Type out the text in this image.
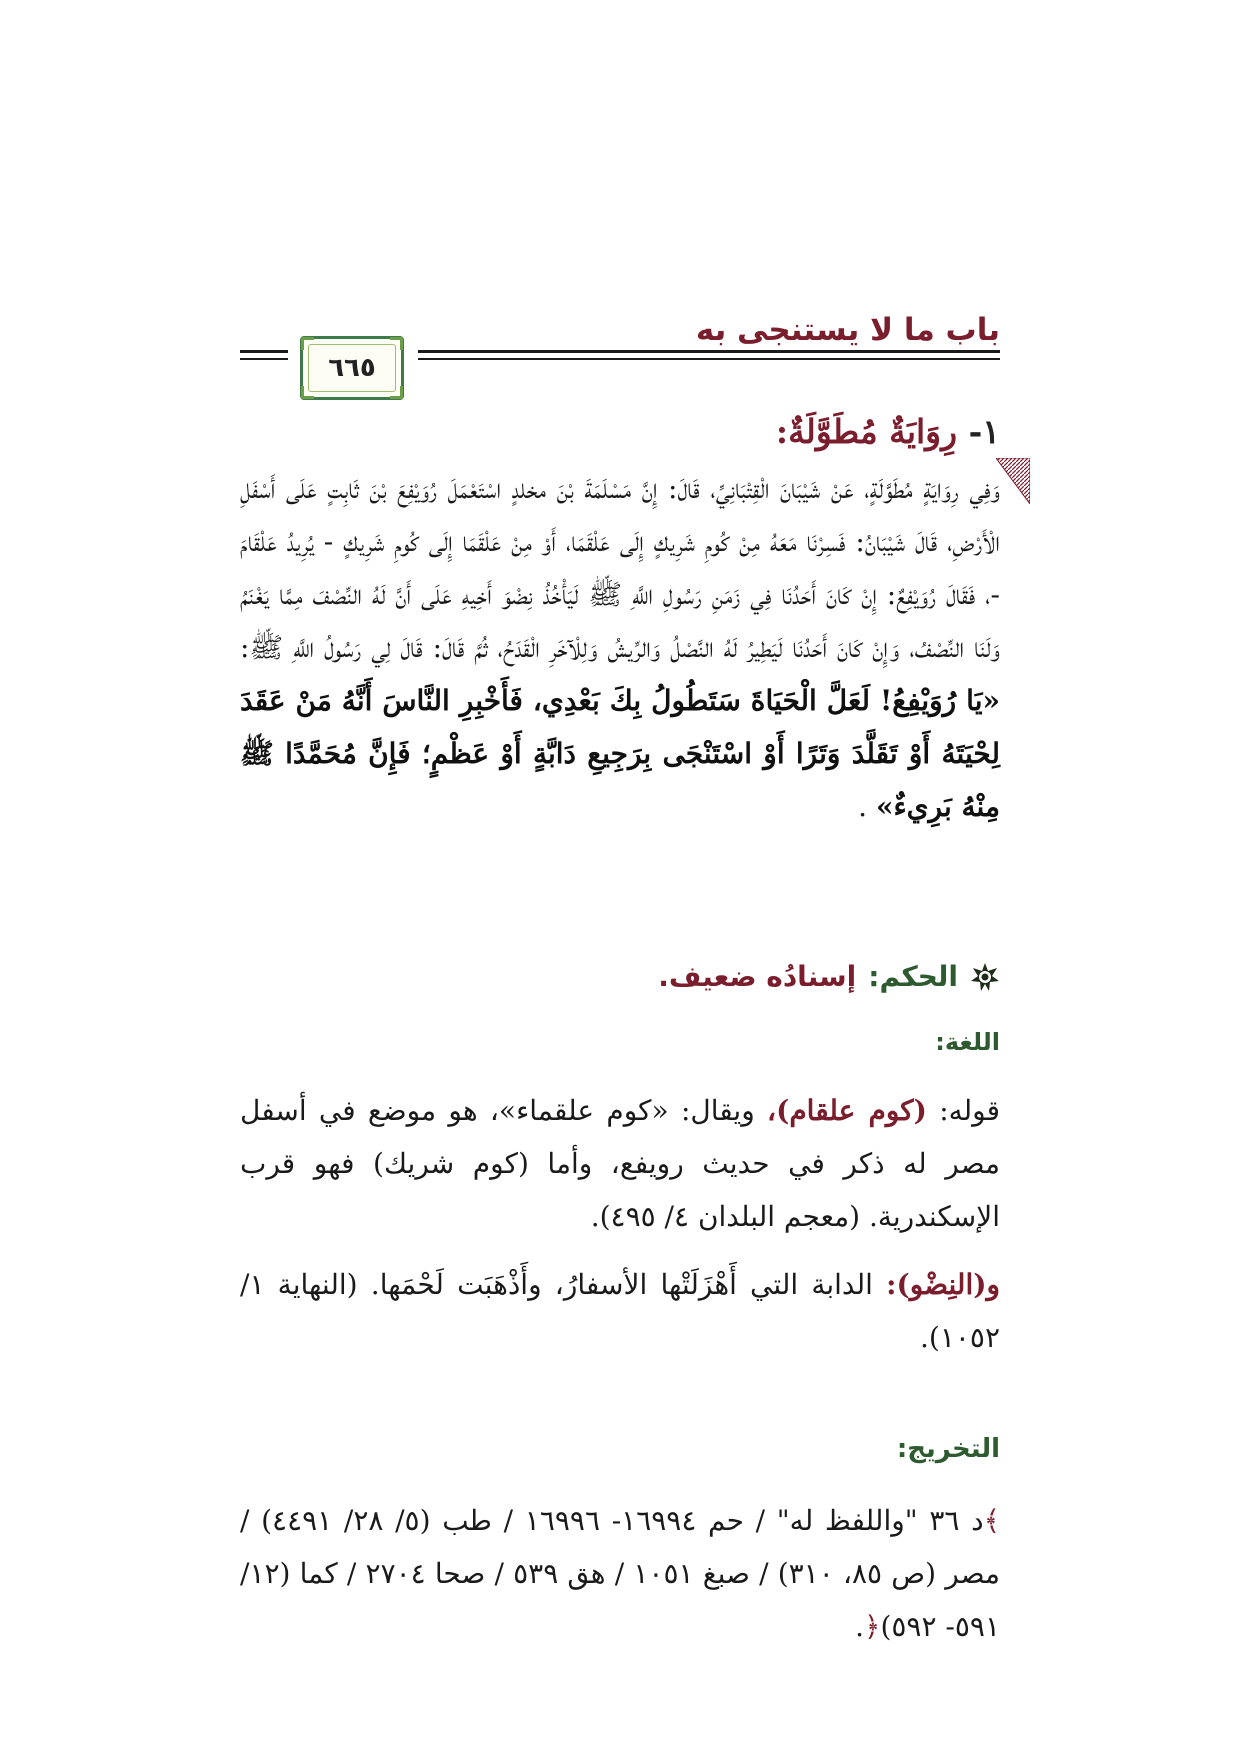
باب ما لا يستنجى به
٦٦٥
١- رِوَايَةٌ مُطَوَّلَةٌ:
وَفِي رِوَايَةٍ مُطَوَّلَةٍ، عَنْ شَيْبَانَ الْقِتْبَانِيِّ، قَالَ: إِنَّ مَسْلَمَةَ بْنَ مخلدٍ اسْتَعْمَلَ رُوَيْفِعَ بْنَ ثَابِتٍ عَلَى أَسْفَلِ الْأَرْضِ، قَالَ شَيْبَانُ: فَسِرْنَا مَعَهُ مِنْ كُومِ شَرِيكٍ إِلَى عَلْقَمَا، أَوْ مِنْ عَلْقَمَا إِلَى كُومِ شَرِيكٍ - يُرِيدُ عَلْقَامَ -، فَقَالَ رُوَيْفِعٌ: إِنْ كَانَ أَحَدُنَا فِي زَمَنِ رَسُولِ اللَّهِ ﷺ لَيَأْخُذُ نِضْوَ أَخِيهِ عَلَى أَنَّ لَهُ النِّصْفَ مِمَّا يَغْنَمُ وَلَنَا النِّصْفُ، وَإِنْ كَانَ أَحَدُنَا لَيَطِيرُ لَهُ النَّصْلُ وَالرِّيشُ وَلِلْآخَرِ الْقَدَحُ، ثُمَّ قَالَ: قَالَ لِي رَسُولُ اللَّهِ ﷺ: «يَا رُوَيْفِعُ! لَعَلَّ الْحَيَاةَ سَتَطُولُ بِكَ بَعْدِي، فَأَخْبِرِ النَّاسَ أَنَّهُ مَنْ عَقَدَ لِحْيَتَهُ أَوْ تَقَلَّدَ وَتَرًا أَوْ اسْتَنْجَى بِرَجِيعِ دَابَّةٍ أَوْ عَظْمٍ؛ فَإِنَّ مُحَمَّدًا ﷺ مِنْهُ بَرِيءٌ» .
الحكم:
إسنادُه ضعيف.
اللغة:
قوله: (كوم علقام)، ويقال: «كوم علقماء»، هو موضع في أسفل مصر له ذكر في حديث رويفع، وأما (كوم شريك) فهو قرب الإسكندرية. (معجم البلدان ٤/ ٤٩٥).
و(النِضْو): الدابة التي أَهْزَلَتْها الأسفارُ، وأَذْهَبَت لَحْمَها. (النهاية ١/ ١٠٥٢).
التخريج:
﴾د ٣٦ "واللفظ له" / حم ١٦٩٩٤- ١٦٩٩٦ / طب (٥/ ٢٨/ ٤٤٩١) / مصر (ص ٨٥، ٣١٠) / صبغ ١٠٥١ / هق ٥٣٩ / صحا ٢٧٠٤ / كما (١٢/ ٥٩١- ٥٩٢)﴿.
